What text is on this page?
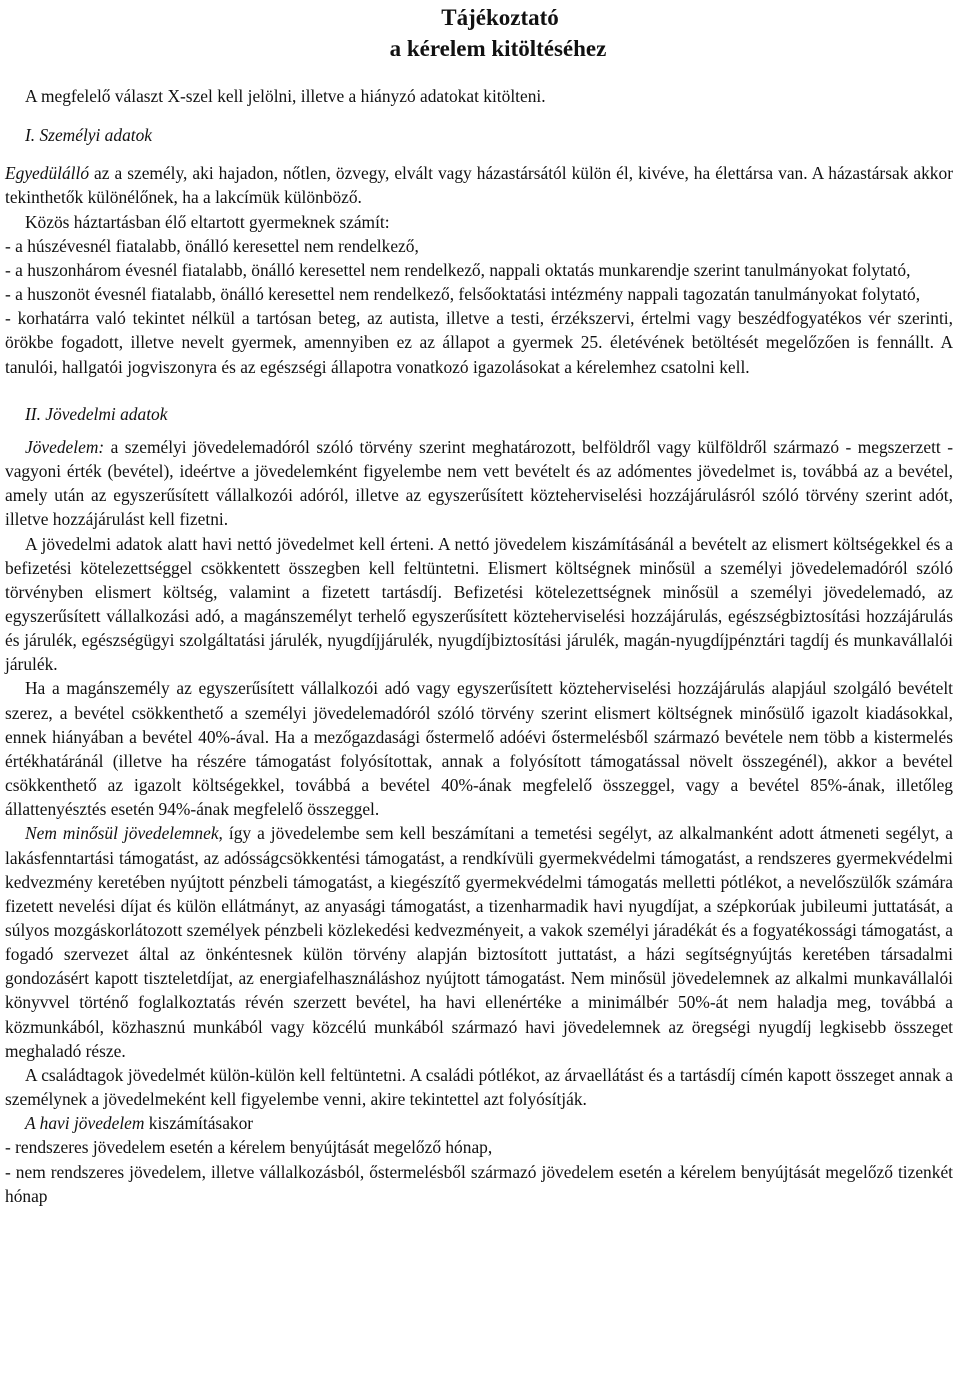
Tájékoztató
a kérelem kitöltéséhez

A megfelelő választ X-szel kell jelölni, illetve a hiányzó adatokat kitölteni.

I. Személyi adatok

Egyedülálló az a személy, aki hajadon, nőtlen, özvegy, elvált vagy házastársától külön él, kivéve, ha élettársa van. A házastársak akkor tekinthetők különélőnek, ha a lakcímük különböző.

Közös háztartásban élő eltartott gyermeknek számít:

- a húszévesnél fiatalabb, önálló keresettel nem rendelkező,

- a huszonhárom évesnél fiatalabb, önálló keresettel nem rendelkező, nappali oktatás munkarendje szerint tanulmányokat folytató,

- a huszonöt évesnél fiatalabb, önálló keresettel nem rendelkező, felsőoktatási intézmény nappali tagozatán tanulmányokat folytató,

- korhatárra való tekintet nélkül a tartósan beteg, az autista, illetve a testi, érzékszervi, értelmi vagy beszédfogyatékos vér szerinti, örökbe fogadott, illetve nevelt gyermek, amennyiben ez az állapot a gyermek 25. életévének betöltését megelőzően is fennállt. A tanulói, hallgatói jogviszonyra és az egészségi állapotra vonatkozó igazolásokat a kérelemhez csatolni kell.

II. Jövedelmi adatok

Jövedelem: a személyi jövedelemadóról szóló törvény szerint meghatározott, belföldről vagy külföldről származó - megszerzett - vagyoni érték (bevétel), ideértve a jövedelemként figyelembe nem vett bevételt és az adómentes jövedelmet is, továbbá az a bevétel, amely után az egyszerűsített vállalkozói adóról, illetve az egyszerűsített közteherviselési hozzájárulásról szóló törvény szerint adót, illetve hozzájárulást kell fizetni.

A jövedelmi adatok alatt havi nettó jövedelmet kell érteni. A nettó jövedelem kiszámításánál a bevételt az elismert költségekkel és a befizetési kötelezettséggel csökkentett összegben kell feltüntetni. Elismert költségnek minősül a személyi jövedelemadóról szóló törvényben elismert költség, valamint a fizetett tartásdíj. Befizetési kötelezettségnek minősül a személyi jövedelemadó, az egyszerűsített vállalkozási adó, a magánszemélyt terhelő egyszerűsített közteherviselési hozzájárulás, egészségbiztosítási hozzájárulás és járulék, egészségügyi szolgáltatási járulék, nyugdíjjárulék, nyugdíjbiztosítási járulék, magán-nyugdíjpénztári tagdíj és munkavállalói járulék.

Ha a magánszemély az egyszerűsített vállalkozói adó vagy egyszerűsített közteherviselési hozzájárulás alapjául szolgáló bevételt szerez, a bevétel csökkenthető a személyi jövedelemadóról szóló törvény szerint elismert költségnek minősülő igazolt kiadásokkal, ennek hiányában a bevétel 40%-ával. Ha a mezőgazdasági őstermelő adóévi őstermelésből származó bevétele nem több a kistermelés értékhatáránál (illetve ha részére támogatást folyósítottak, annak a folyósított támogatással növelt összegénél), akkor a bevétel csökkenthető az igazolt költségekkel, továbbá a bevétel 40%-ának megfelelő összeggel, vagy a bevétel 85%-ának, illetőleg állattenyésztés esetén 94%-ának megfelelő összeggel.

Nem minősül jövedelemnek, így a jövedelembe sem kell beszámítani a temetési segélyt, az alkalmanként adott átmeneti segélyt, a lakásfenntartási támogatást, az adósságcsökkentési támogatást, a rendkívüli gyermekvédelmi támogatást, a rendszeres gyermekvédelmi kedvezmény keretében nyújtott pénzbeli támogatást, a kiegészítő gyermekvédelmi támogatás melletti pótlékot, a nevelőszülők számára fizetett nevelési díjat és külön ellátmányt, az anyasági támogatást, a tizenharmadik havi nyugdíjat, a szépkorúak jubileumi juttatását, a súlyos mozgáskorlátozott személyek pénzbeli közlekedési kedvezményeit, a vakok személyi járadékát és a fogyatékossági támogatást, a fogadó szervezet által az önkéntesnek külön törvény alapján biztosított juttatást, a házi segítségnyújtás keretében társadalmi gondozásért kapott tiszteletdíjat, az energiafelhasználáshoz nyújtott támogatást. Nem minősül jövedelemnek az alkalmi munkavállalói könyvvel történő foglalkoztatás révén szerzett bevétel, ha havi ellenértéke a minimálbér 50%-át nem haladja meg, továbbá a közmunkából, közhasznú munkából vagy közcélú munkából származó havi jövedelemnek az öregségi nyugdíj legkisebb összeget meghaladó része.

A családtagok jövedelmét külön-külön kell feltüntetni. A családi pótlékot, az árvaellátást és a tartásdíj címén kapott összeget annak a személynek a jövedelmeként kell figyelembe venni, akire tekintettel azt folyósítják.

A havi jövedelem kiszámításakor

- rendszeres jövedelem esetén a kérelem benyújtását megelőző hónap,

- nem rendszeres jövedelem, illetve vállalkozásból, őstermelésből származó jövedelem esetén a kérelem benyújtását megelőző tizenkét hónap
